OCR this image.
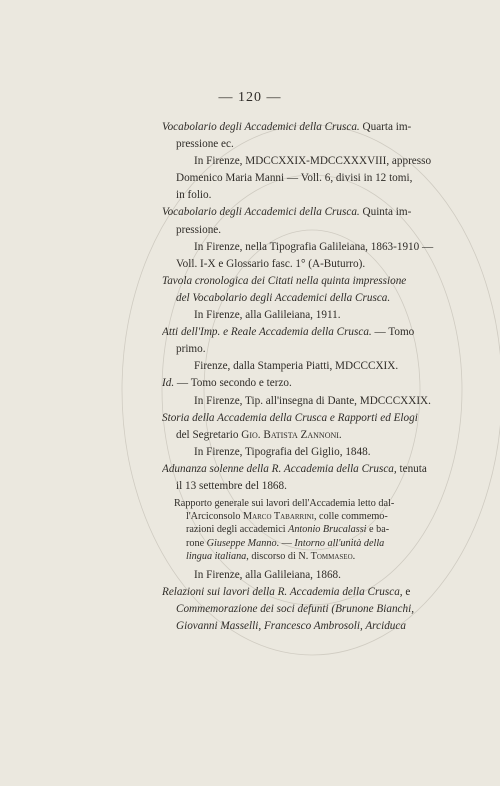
— 120 —
Vocabolario degli Accademici della Crusca. Quarta im-
pressione ec.
In Firenze, MDCCXXIX-MDCCXXXVIII, appresso
Domenico Maria Manni — Voll. 6, divisi in 12 tomi,
in folio.
Vocabolario degli Accademici della Crusca. Quinta im-
pressione.
In Firenze, nella Tipografia Galileiana, 1863-1910 —
Voll. I-X e Glossario fasc. 1° (A-Buturro).
Tavola cronologica dei Citati nella quinta impressione
del Vocabolario degli Accademici della Crusca.
In Firenze, alla Galileiana, 1911.
Atti dell'Imp. e Reale Accademia della Crusca. — Tomo
primo.
Firenze, dalla Stamperia Piatti, MDCCCXIX.
Id. — Tomo secondo e terzo.
In Firenze, Tip. all'insegna di Dante, MDCCCXXIX.
Storia della Accademia della Crusca e Rapporti ed Elogi
del Segretario Gio. Batista Zannoni.
In Firenze, Tipografia del Giglio, 1848.
Adunanza solenne della R. Accademia della Crusca, tenuta
il 13 settembre del 1868.
Rapporto generale sui lavori dell'Accademia letto dal-
l'Arciconsolo Marco Tabarrini, colle commemo-
razioni degli accademici Antonio Brucalassi e ba-
rone Giuseppe Manno. — Intorno all'unità della
lingua italiana, discorso di N. Tommaseo.
In Firenze, alla Galileiana, 1868.
Relazioni sui lavori della R. Accademia della Crusca, e
Commemorazione dei soci defunti (Brunone Bianchi,
Giovanni Masselli, Francesco Ambrosoli, Arciduca
